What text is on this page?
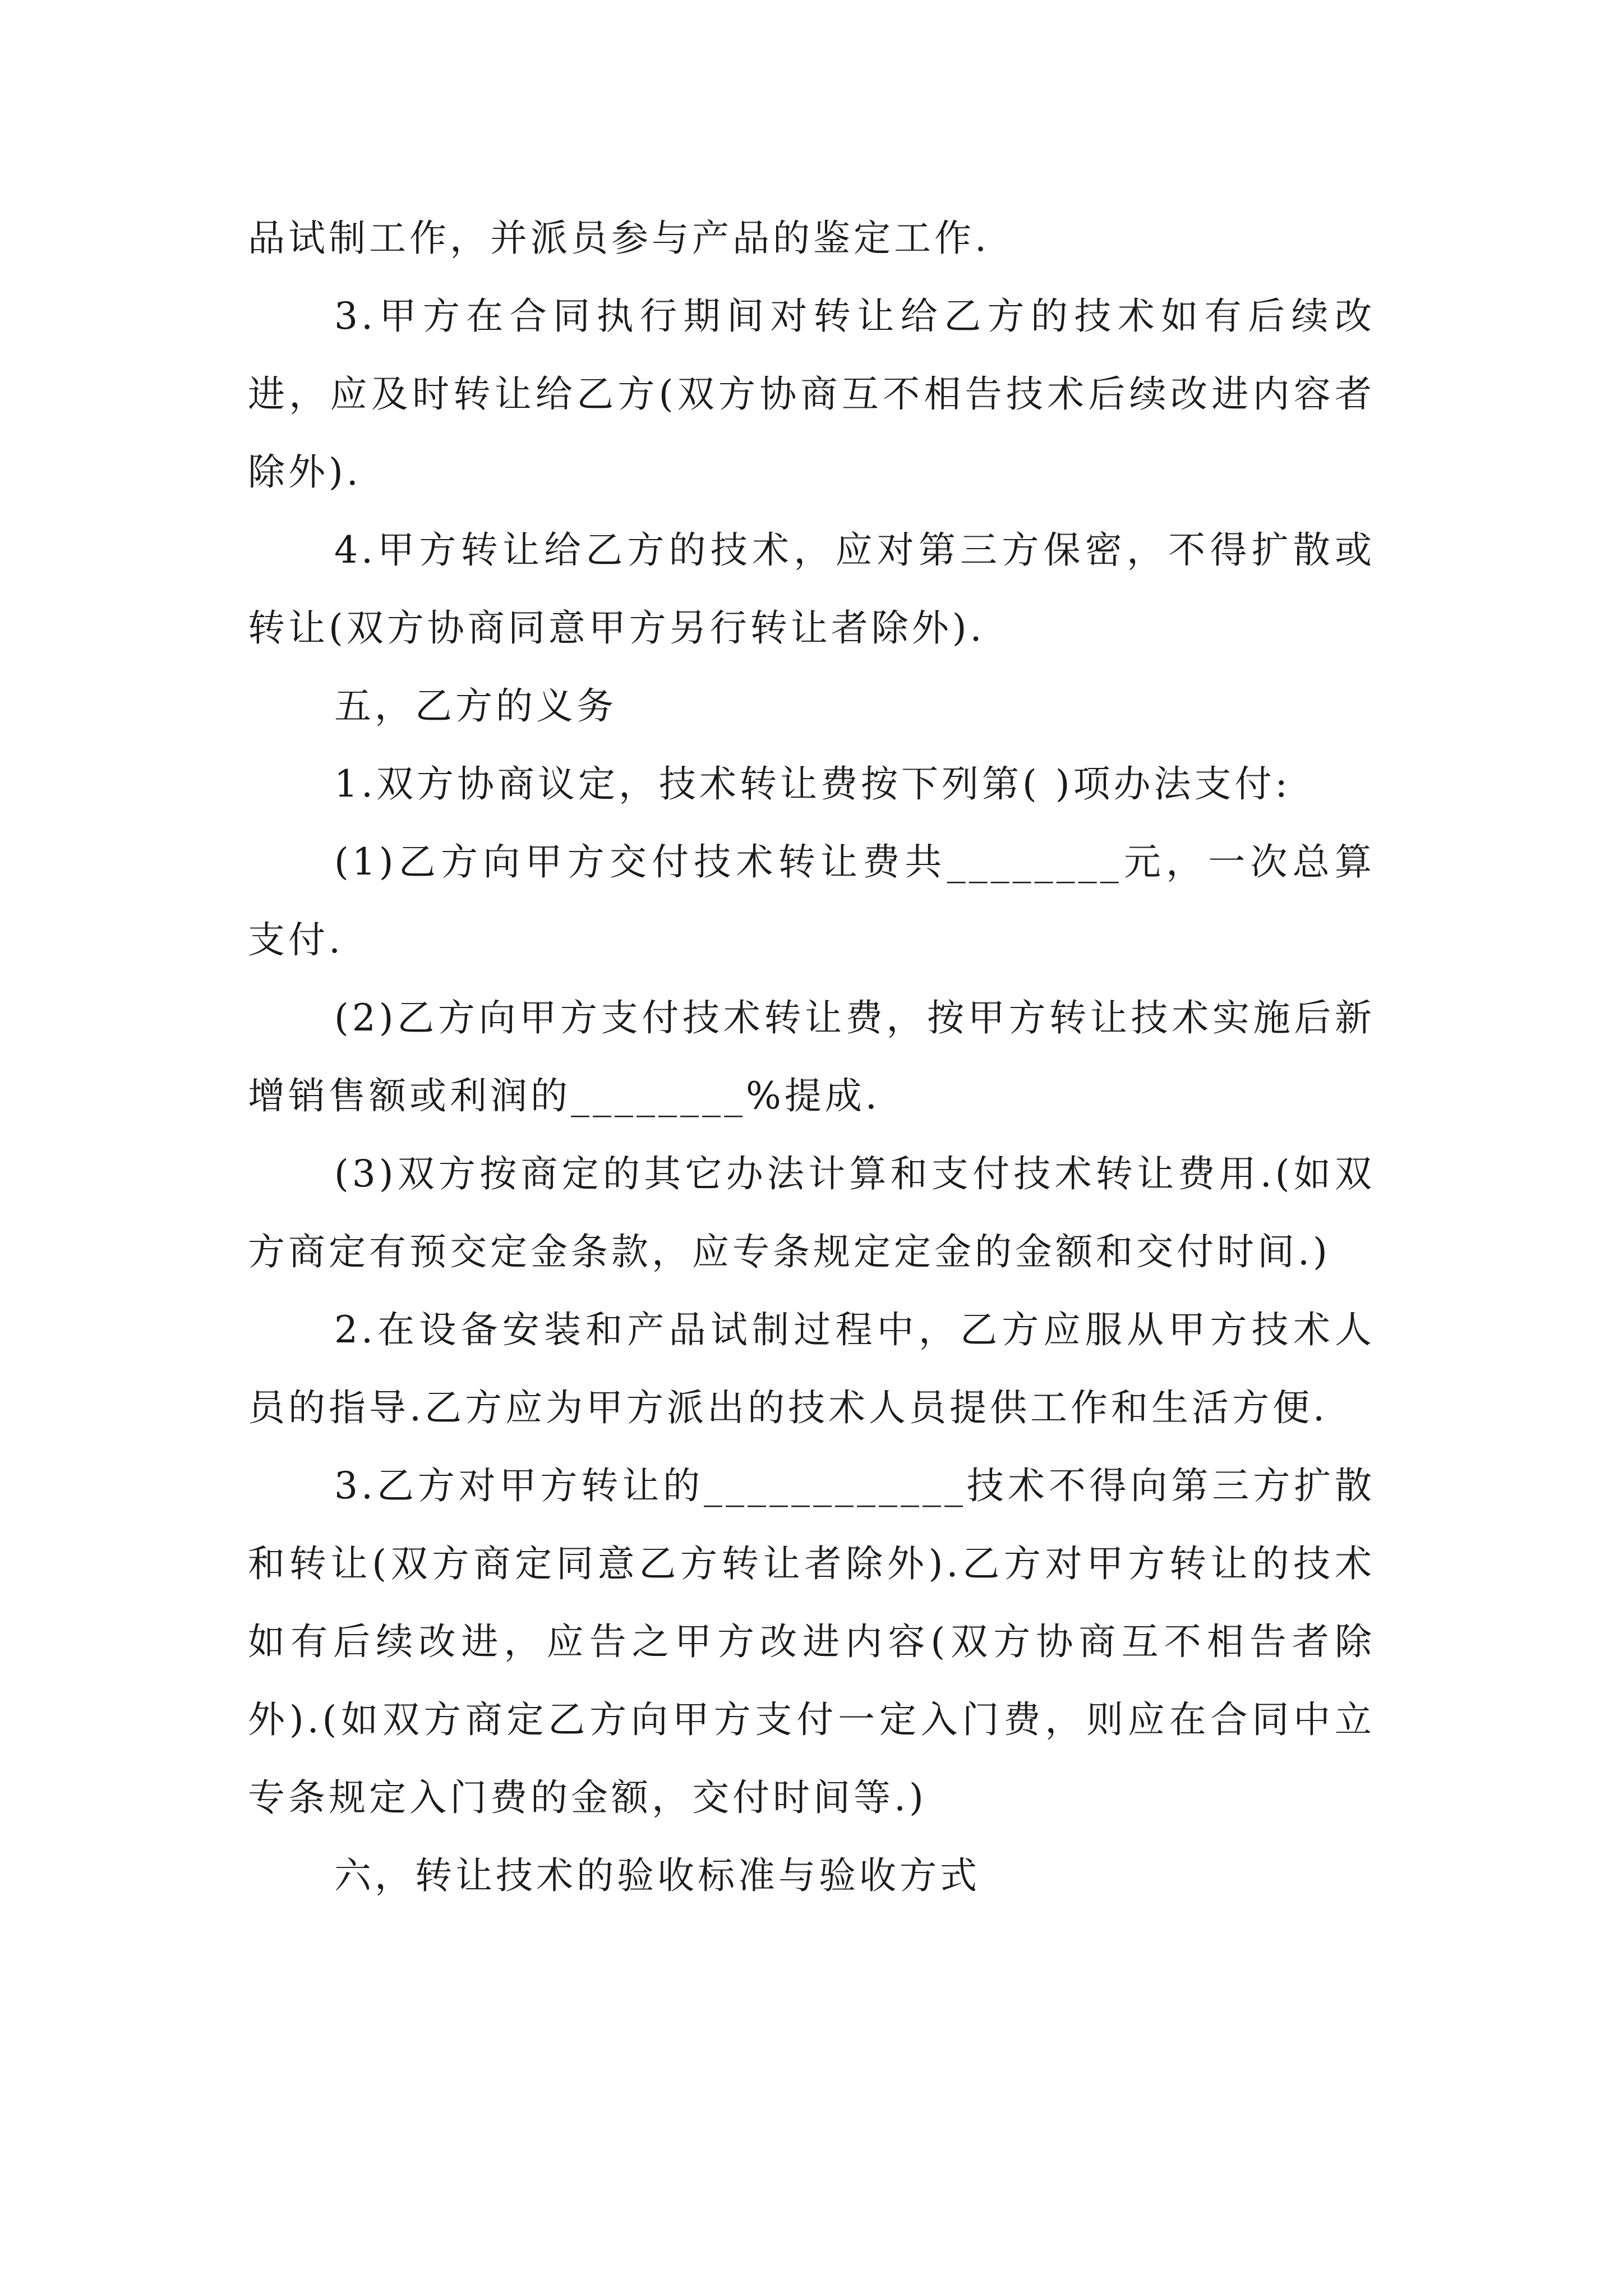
品试制工作，并派员参与产品的鉴定工作.

3.甲方在合同执行期间对转让给乙方的技术如有后续改进，应及时转让给乙方(双方协商互不相告技术后续改进内容者除外).

4.甲方转让给乙方的技术，应对第三方保密，不得扩散或转让(双方协商同意甲方另行转让者除外).

五，乙方的义务

1.双方协商议定，技术转让费按下列第( )项办法支付:

(1)乙方向甲方交付技术转让费共________元，一次总算支付.

(2)乙方向甲方支付技术转让费，按甲方转让技术实施后新增销售额或利润的________%提成.

(3)双方按商定的其它办法计算和支付技术转让费用.(如双方商定有预交定金条款，应专条规定定金的金额和交付时间.)

2.在设备安装和产品试制过程中，乙方应服从甲方技术人员的指导.乙方应为甲方派出的技术人员提供工作和生活方便.

3.乙方对甲方转让的____________技术不得向第三方扩散和转让(双方商定同意乙方转让者除外).乙方对甲方转让的技术如有后续改进，应告之甲方改进内容(双方协商互不相告者除外).(如双方商定乙方向甲方支付一定入门费，则应在合同中立专条规定入门费的金额，交付时间等.)

六，转让技术的验收标准与验收方式
